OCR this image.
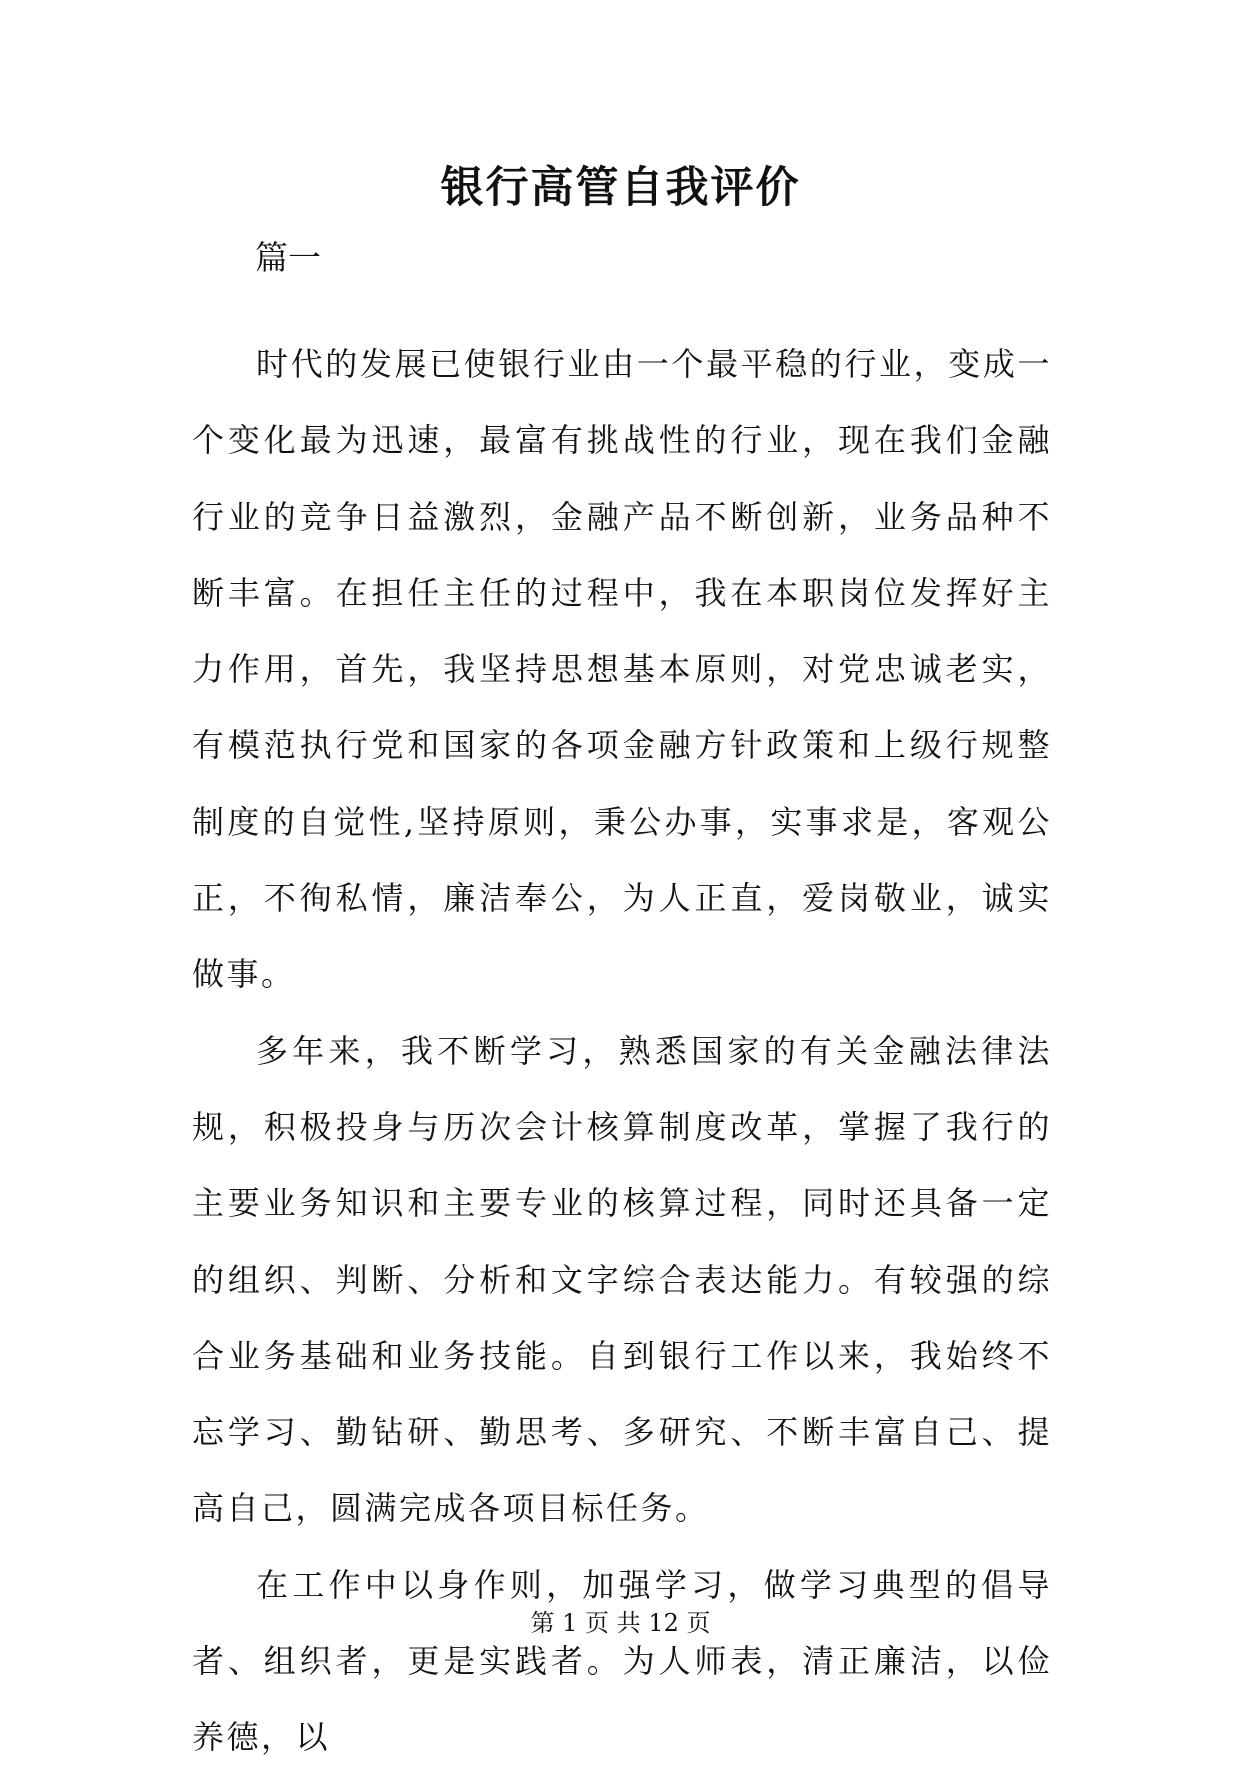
银行高管自我评价
篇一

时代的发展已使银行业由一个最平稳的行业，变成一个变化最为迅速，最富有挑战性的行业，现在我们金融行业的竞争日益激烈，金融产品不断创新，业务品种不断丰富。在担任主任的过程中，我在本职岗位发挥好主力作用，首先，我坚持思想基本原则，对党忠诚老实，有模范执行党和国家的各项金融方针政策和上级行规整制度的自觉性,坚持原则，秉公办事，实事求是，客观公正，不徇私情，廉洁奉公，为人正直，爱岗敬业，诚实做事。

多年来，我不断学习，熟悉国家的有关金融法律法规，积极投身与历次会计核算制度改革，掌握了我行的主要业务知识和主要专业的核算过程，同时还具备一定的组织、判断、分析和文字综合表达能力。有较强的综合业务基础和业务技能。自到银行工作以来，我始终不忘学习、勤钻研、勤思考、多研究、不断丰富自己、提高自己，圆满完成各项目标任务。

在工作中以身作则，加强学习，做学习典型的倡导者、组织者，更是实践者。为人师表，清正廉洁，以俭养德，以

第 1 页 共 12 页
